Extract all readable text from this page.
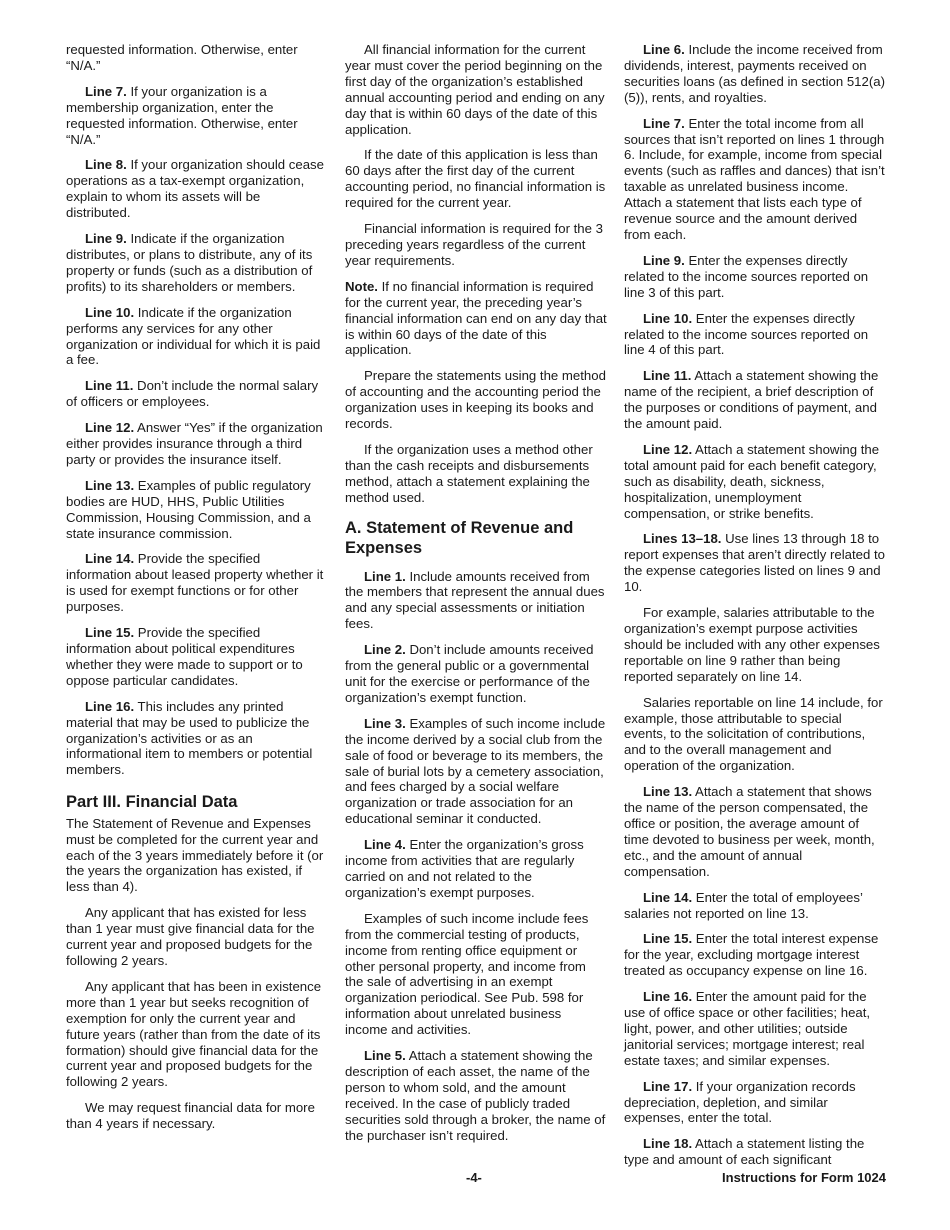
requested information. Otherwise, enter “N/A.”

Line 7. If your organization is a membership organization, enter the requested information. Otherwise, enter “N/A.”

Line 8. If your organization should cease operations as a tax-exempt organization, explain to whom its assets will be distributed.

Line 9. Indicate if the organization distributes, or plans to distribute, any of its property or funds (such as a distribution of profits) to its shareholders or members.

Line 10. Indicate if the organization performs any services for any other organization or individual for which it is paid a fee.

Line 11. Don’t include the normal salary of officers or employees.

Line 12. Answer “Yes” if the organization either provides insurance through a third party or provides the insurance itself.

Line 13. Examples of public regulatory bodies are HUD, HHS, Public Utilities Commission, Housing Commission, and a state insurance commission.

Line 14. Provide the specified information about leased property whether it is used for exempt functions or for other purposes.

Line 15. Provide the specified information about political expenditures whether they were made to support or to oppose particular candidates.

Line 16. This includes any printed material that may be used to publicize the organization’s activities or as an informational item to members or potential members.

Part III. Financial Data

The Statement of Revenue and Expenses must be completed for the current year and each of the 3 years immediately before it (or the years the organization has existed, if less than 4).

Any applicant that has existed for less than 1 year must give financial data for the current year and proposed budgets for the following 2 years.

Any applicant that has been in existence more than 1 year but seeks recognition of exemption for only the current year and future years (rather than from the date of its formation) should give financial data for the current year and proposed budgets for the following 2 years.

We may request financial data for more than 4 years if necessary.

All financial information for the current year must cover the period beginning on the first day of the organization’s established annual accounting period and ending on any day that is within 60 days of the date of this application.

If the date of this application is less than 60 days after the first day of the current accounting period, no financial information is required for the current year.

Financial information is required for the 3 preceding years regardless of the current year requirements.

Note. If no financial information is required for the current year, the preceding year’s financial information can end on any day that is within 60 days of the date of this application.

Prepare the statements using the method of accounting and the accounting period the organization uses in keeping its books and records.

If the organization uses a method other than the cash receipts and disbursements method, attach a statement explaining the method used.

A. Statement of Revenue and Expenses

Line 1. Include amounts received from the members that represent the annual dues and any special assessments or initiation fees.

Line 2. Don’t include amounts received from the general public or a governmental unit for the exercise or performance of the organization’s exempt function.

Line 3. Examples of such income include the income derived by a social club from the sale of food or beverage to its members, the sale of burial lots by a cemetery association, and fees charged by a social welfare organization or trade association for an educational seminar it conducted.

Line 4. Enter the organization’s gross income from activities that are regularly carried on and not related to the organization’s exempt purposes.

Examples of such income include fees from the commercial testing of products, income from renting office equipment or other personal property, and income from the sale of advertising in an exempt organization periodical. See Pub. 598 for information about unrelated business income and activities.

Line 5. Attach a statement showing the description of each asset, the name of the person to whom sold, and the amount received. In the case of publicly traded securities sold through a broker, the name of the purchaser isn’t required.

Line 6. Include the income received from dividends, interest, payments received on securities loans (as defined in section 512(a)(5)), rents, and royalties.

Line 7. Enter the total income from all sources that isn’t reported on lines 1 through 6. Include, for example, income from special events (such as raffles and dances) that isn’t taxable as unrelated business income. Attach a statement that lists each type of revenue source and the amount derived from each.

Line 9. Enter the expenses directly related to the income sources reported on line 3 of this part.

Line 10. Enter the expenses directly related to the income sources reported on line 4 of this part.

Line 11. Attach a statement showing the name of the recipient, a brief description of the purposes or conditions of payment, and the amount paid.

Line 12. Attach a statement showing the total amount paid for each benefit category, such as disability, death, sickness, hospitalization, unemployment compensation, or strike benefits.

Lines 13–18. Use lines 13 through 18 to report expenses that aren’t directly related to the expense categories listed on lines 9 and 10.

For example, salaries attributable to the organization’s exempt purpose activities should be included with any other expenses reportable on line 9 rather than being reported separately on line 14.

Salaries reportable on line 14 include, for example, those attributable to special events, to the solicitation of contributions, and to the overall management and operation of the organization.

Line 13. Attach a statement that shows the name of the person compensated, the office or position, the average amount of time devoted to business per week, month, etc., and the amount of annual compensation.

Line 14. Enter the total of employees’ salaries not reported on line 13.

Line 15. Enter the total interest expense for the year, excluding mortgage interest treated as occupancy expense on line 16.

Line 16. Enter the amount paid for the use of office space or other facilities; heat, light, power, and other utilities; outside janitorial services; mortgage interest; real estate taxes; and similar expenses.

Line 17. If your organization records depreciation, depletion, and similar expenses, enter the total.

Line 18. Attach a statement listing the type and amount of each significant

-4-	Instructions for Form 1024
